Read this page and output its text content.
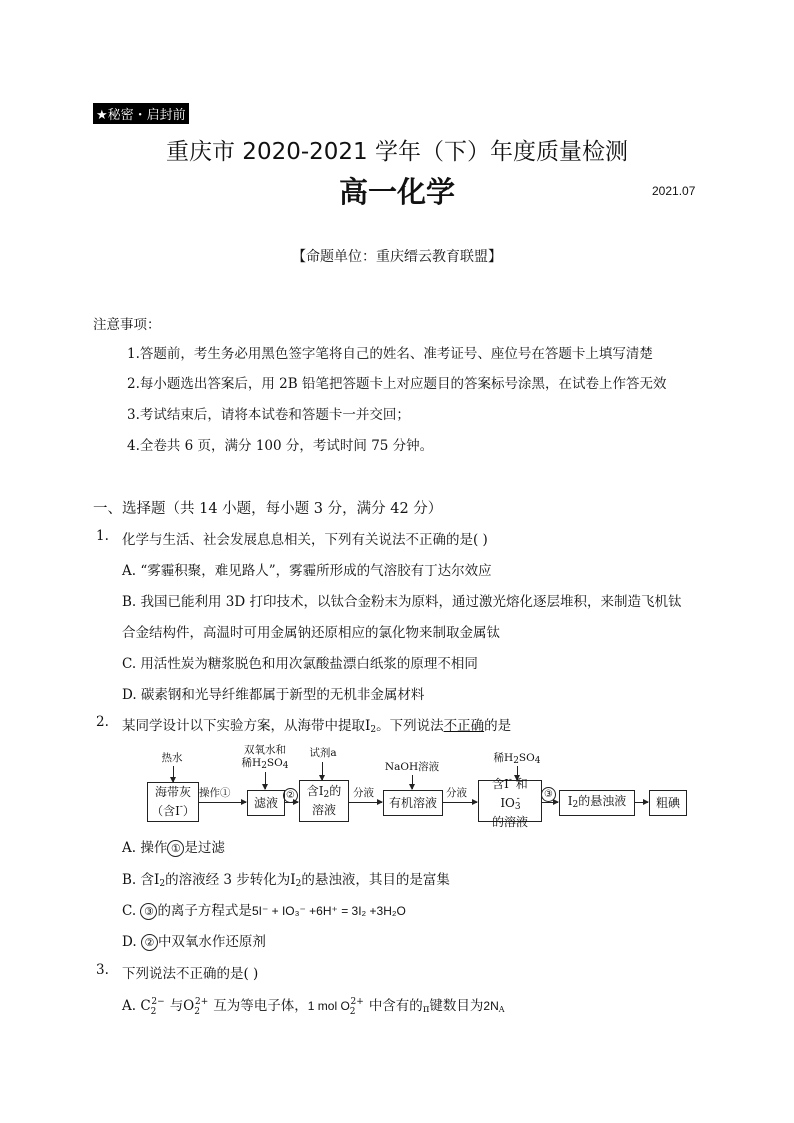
★秘密・启封前
重庆市 2020-2021 学年（下）年度质量检测
高一化学	2021.07
【命题单位：重庆缙云教育联盟】
注意事项：
1.答题前，考生务必用黑色签字笔将自己的姓名、准考证号、座位号在答题卡上填写清楚
2.每小题选出答案后，用 2B 铅笔把答题卡上对应题目的答案标号涂黑，在试卷上作答无效
3.考试结束后，请将本试卷和答题卡一并交回；
4.全卷共 6 页，满分 100 分，考试时间 75 分钟。
一、选择题（共 14 小题，每小题 3 分，满分 42 分）
1. 化学与生活、社会发展息息相关，下列有关说法不正确的是( )
A. “雾霾积聚，难见路人”，雾霾所形成的气溶胶有丁达尔效应
B. 我国已能利用 3D 打印技术，以钛合金粉末为原料，通过激光熔化逐层堆积，来制造飞机钛
合金结构件，高温时可用金属钠还原相应的氯化物来制取金属钛
C. 用活性炭为糖浆脱色和用次氯酸盐漂白纸浆的原理不相同
D. 碳素钢和光导纤维都属于新型的无机非金属材料
2. 某同学设计以下实验方案，从海带中提取$I_2$。下列说法不正确的是
热水
双氧水和
稀H2SO4
试剂a
NaOH溶液
稀H2SO4
海带灰
（含I-）
滤液
含$I_2$的
溶液
有机溶液
含I- 和$IO_3^-$
的溶液
$I_2$的悬浊液	粗碘
操作①	②	分液	分液	③
A. 操作 ① 是过滤
B. 含$I_2$的溶液经 3 步转化为$I_2$的悬浊液，其目的是富集
C. ③ 的离子方程式是5I⁻ + IO₃⁻ +6H⁺ = 3I₂ +3H₂O
D. ② 中双氧水作还原剂
3. 下列说法不正确的是( )
A. C22− 与O22+ 互为等电子体，1 mol O22+ 中含有的π键数目为2NA
